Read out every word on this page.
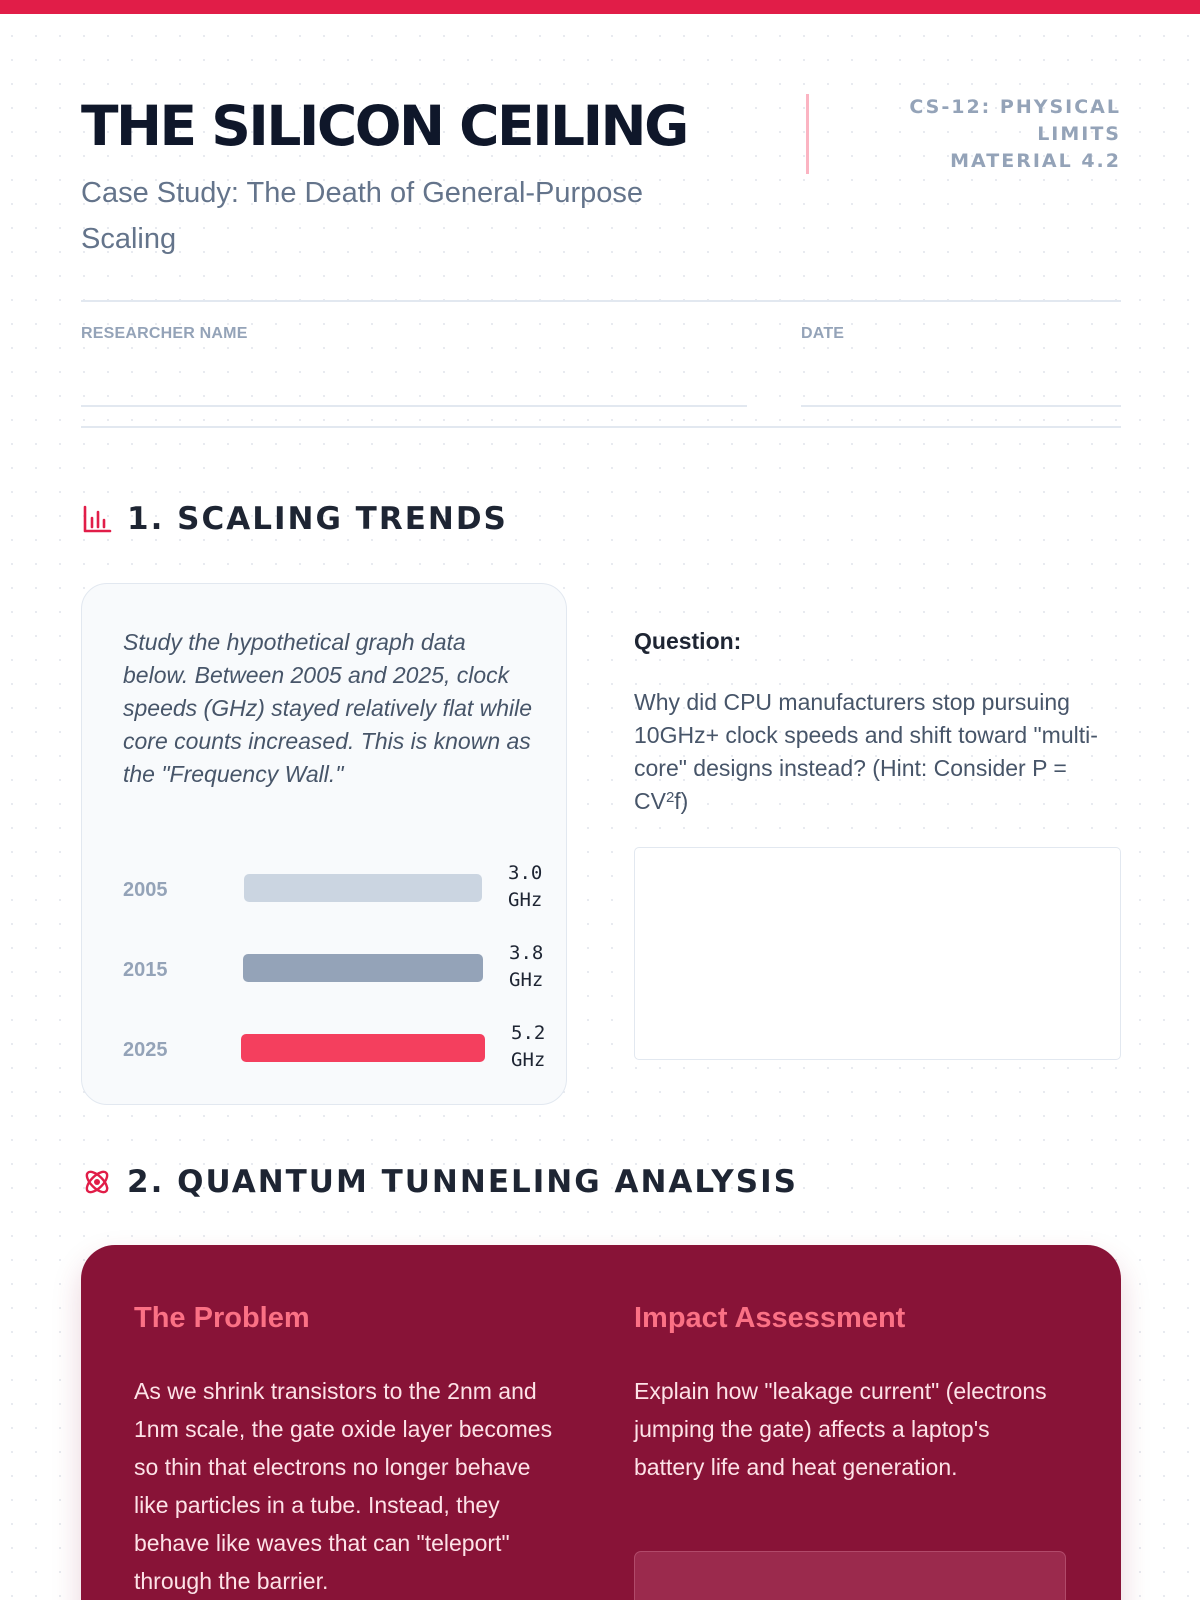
THE SILICON CEILING
Case Study: The Death of General-Purpose Scaling
CS-12: PHYSICAL
LIMITS
MATERIAL 4.2
RESEARCHER NAME	DATE
1. SCALING TRENDS
Study the hypothetical graph data below. Between 2005 and 2025, clock speeds (GHz) stayed relatively flat while core counts increased. This is known as the "Frequency Wall."
2005
3.0 GHz
2015
3.8 GHz
2025
5.2 GHz
Question:
Why did CPU manufacturers stop pursuing 10GHz+ clock speeds and shift toward "multi-core" designs instead? (Hint: Consider $P = CV^2f$)
2. QUANTUM TUNNELING ANALYSIS
The Problem
As we shrink transistors to the 2nm and 1nm scale, the gate oxide layer becomes so thin that electrons no longer behave like particles in a tube. Instead, they behave like waves that can "teleport" through the barrier.
Impact Assessment
Explain how "leakage current" (electrons jumping the gate) affects a laptop's battery life and heat generation.
